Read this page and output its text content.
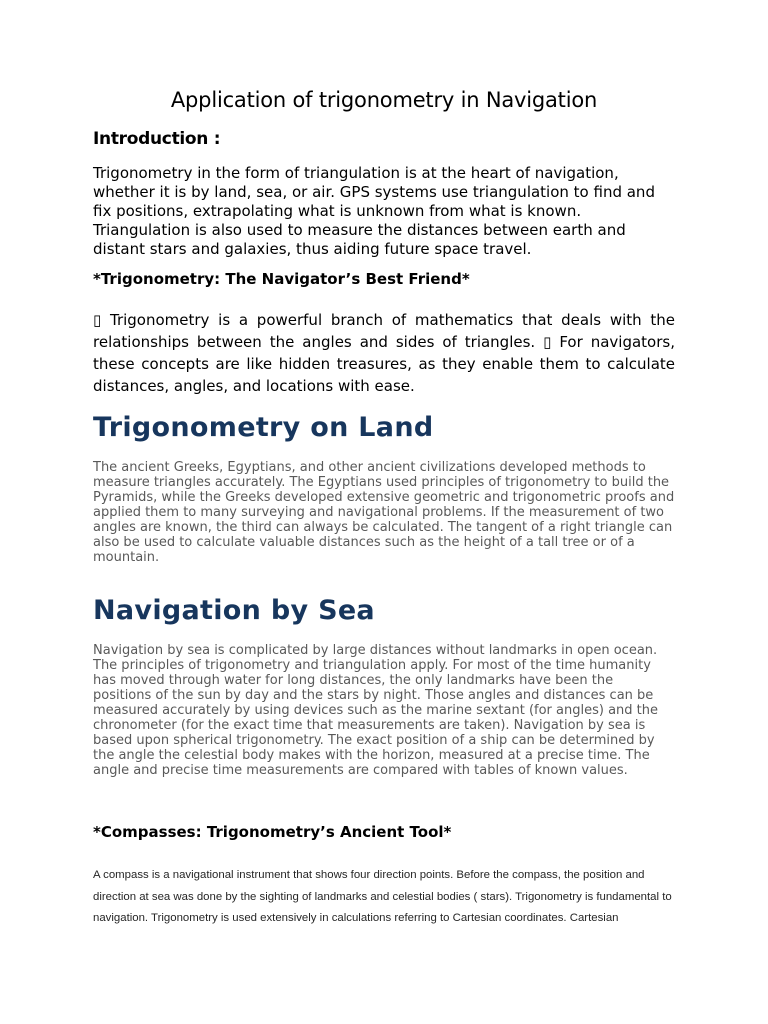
Application of trigonometry in Navigation
Introduction :

Trigonometry in the form of triangulation is at the heart of navigation, whether it is by land, sea, or air. GPS systems use triangulation to find and fix positions, extrapolating what is unknown from what is known. Triangulation is also used to measure the distances between earth and distant stars and galaxies, thus aiding future space travel.

*Trigonometry: The Navigator’s Best Friend*

▯ Trigonometry is a powerful branch of mathematics that deals with the relationships between the angles and sides of triangles. ▯ For navigators, these concepts are like hidden treasures, as they enable them to calculate distances, angles, and locations with ease.

Trigonometry on Land

The ancient Greeks, Egyptians, and other ancient civilizations developed methods to measure triangles accurately. The Egyptians used principles of trigonometry to build the Pyramids, while the Greeks developed extensive geometric and trigonometric proofs and applied them to many surveying and navigational problems. If the measurement of two angles are known, the third can always be calculated. The tangent of a right triangle can also be used to calculate valuable distances such as the height of a tall tree or of a mountain.

Navigation by Sea

Navigation by sea is complicated by large distances without landmarks in open ocean. The principles of trigonometry and triangulation apply. For most of the time humanity has moved through water for long distances, the only landmarks have been the positions of the sun by day and the stars by night. Those angles and distances can be measured accurately by using devices such as the marine sextant (for angles) and the chronometer (for the exact time that measurements are taken). Navigation by sea is based upon spherical trigonometry. The exact position of a ship can be determined by the angle the celestial body makes with the horizon, measured at a precise time. The angle and precise time measurements are compared with tables of known values.

*Compasses: Trigonometry’s Ancient Tool*

A compass is a navigational instrument that shows four direction points. Before the compass, the position and direction at sea was done by the sighting of landmarks and celestial bodies ( stars). Trigonometry is fundamental to navigation. Trigonometry is used extensively in calculations referring to Cartesian coordinates. Cartesian
